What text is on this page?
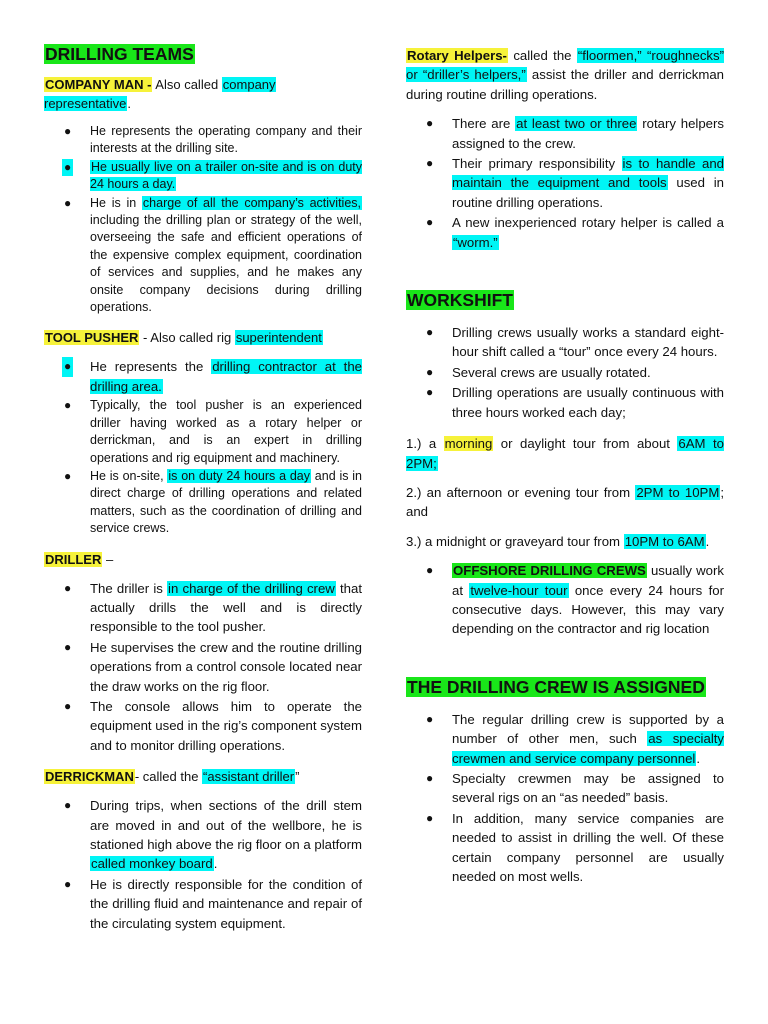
DRILLING TEAMS
COMPANY MAN - Also called company representative.
● He represents the operating company and their interests at the drilling site.
● He usually live on a trailer on-site and is on duty 24 hours a day.
● He is in charge of all the company’s activities, including the drilling plan or strategy of the well, overseeing the safe and efficient operations of the expensive complex equipment, coordination of services and supplies, and he makes any onsite company decisions during drilling operations.
TOOL PUSHER - Also called rig superintendent
● He represents the drilling contractor at the drilling area.
● Typically, the tool pusher is an experienced driller having worked as a rotary helper or derrickman, and is an expert in drilling operations and rig equipment and machinery.
● He is on-site, is on duty 24 hours a day and is in direct charge of drilling operations and related matters, such as the coordination of drilling and service crews.
DRILLER –
● The driller is in charge of the drilling crew that actually drills the well and is directly responsible to the tool pusher.
● He supervises the crew and the routine drilling operations from a control console located near the draw works on the rig floor.
● The console allows him to operate the equipment used in the rig’s component system and to monitor drilling operations.
DERRICKMAN- called the “assistant driller”
● During trips, when sections of the drill stem are moved in and out of the wellbore, he is stationed high above the rig floor on a platform called monkey board.
● He is directly responsible for the condition of the drilling fluid and maintenance and repair of the circulating system equipment.
Rotary Helpers- called the “floormen,” “roughnecks” or “driller’s helpers,” assist the driller and derrickman during routine drilling operations.
● There are at least two or three rotary helpers assigned to the crew.
● Their primary responsibility is to handle and maintain the equipment and tools used in routine drilling operations.
● A new inexperienced rotary helper is called a “worm.”
WORKSHIFT
● Drilling crews usually works a standard eight-hour shift called a “tour” once every 24 hours.
● Several crews are usually rotated.
● Drilling operations are usually continuous with three hours worked each day;

1.) a morning or daylight tour from about 6AM to 2PM;

2.) an afternoon or evening tour from 2PM to 10PM; and

3.) a midnight or graveyard tour from 10PM to 6AM.

● OFFSHORE DRILLING CREWS usually work at twelve-hour tour once every 24 hours for consecutive days. However, this may vary depending on the contractor and rig location
THE DRILLING CREW IS ASSIGNED
● The regular drilling crew is supported by a number of other men, such as specialty crewmen and service company personnel.
● Specialty crewmen may be assigned to several rigs on an “as needed” basis.
● In addition, many service companies are needed to assist in drilling the well. Of these certain company personnel are usually needed on most wells.
